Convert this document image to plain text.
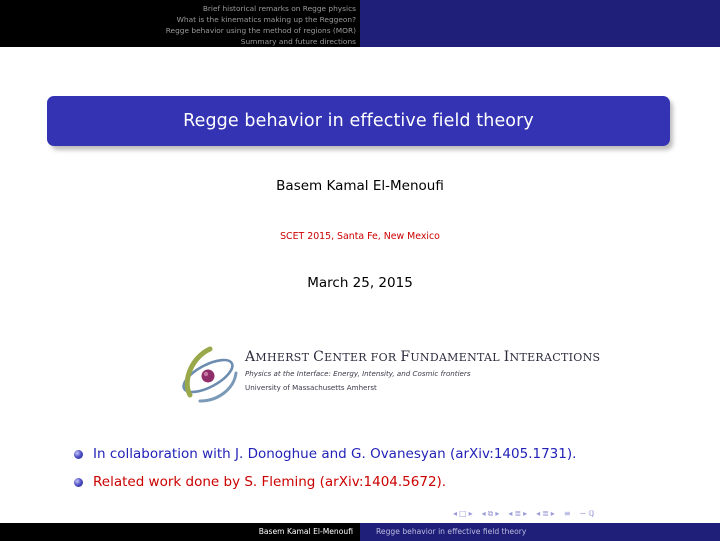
Brief historical remarks on Regge physics
What is the kinematics making up the Reggeon?
Regge behavior using the method of regions (MOR)
Summary and future directions
Regge behavior in effective field theory
Basem Kamal El-Menoufi
SCET 2015, Santa Fe, New Mexico
March 25, 2015
AMHERST CENTER FOR FUNDAMENTAL INTERACTIONS
Physics at the Interface: Energy, Intensity, and Cosmic frontiers
University of Massachusetts Amherst
In collaboration with J. Donoghue and G. Ovanesyan (arXiv:1405.1731).
Related work done by S. Fleming (arXiv:1404.5672).
◂ □ ▸ ◂ ⧉ ▸ ◂ ≣ ▸ ◂ ≣ ▸ ≡ ∽ ℚ
Basem Kamal El-Menoufi	Regge behavior in effective field theory
